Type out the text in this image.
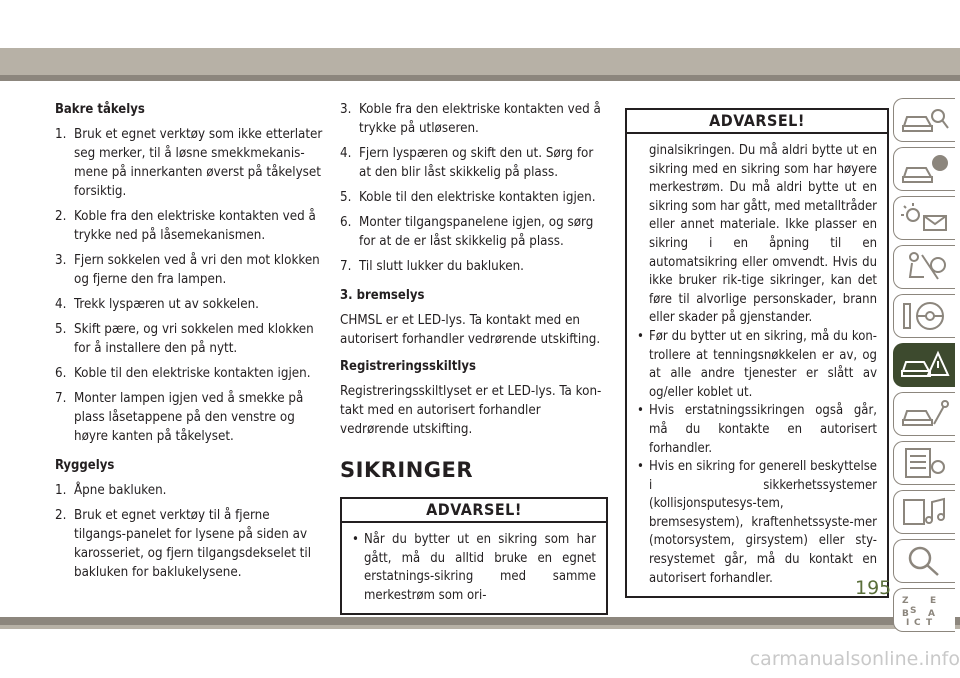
Bakre tåkelys
1. Bruk et egnet verktøy som ikke etterlater seg merker, til å løsne smekkmekanis-mene på innerkanten øverst på tåkelyset forsiktig.
2. Koble fra den elektriske kontakten ved å trykke ned på låsemekanismen.
3. Fjern sokkelen ved å vri den mot klokken og fjerne den fra lampen.
4. Trekk lyspæren ut av sokkelen.
5. Skift pære, og vri sokkelen med klokken for å installere den på nytt.
6. Koble til den elektriske kontakten igjen.
7. Monter lampen igjen ved å smekke på plass låsetappene på den venstre og høyre kanten på tåkelyset.
Ryggelys
1. Åpne bakluken.
2. Bruk et egnet verktøy til å fjerne tilgangs-panelet for lysene på siden av karosseriet, og fjern tilgangsdekselet til bakluken for baklukelysene.
3. Koble fra den elektriske kontakten ved å trykke på utløseren.
4. Fjern lyspæren og skift den ut. Sørg for at den blir låst skikkelig på plass.
5. Koble til den elektriske kontakten igjen.
6. Monter tilgangspanelene igjen, og sørg for at de er låst skikkelig på plass.
7. Til slutt lukker du bakluken.
3. bremselys

CHMSL er et LED-lys. Ta kontakt med en autorisert forhandler vedrørende utskifting.

Registreringsskiltlys

Registreringsskiltlyset er et LED-lys. Ta kon-takt med en autorisert forhandler vedrørende utskifting.

SIKRINGER
ADVARSEL!
• Når du bytter ut en sikring som har gått, må du alltid bruke en egnet erstatnings-sikring med samme merkestrøm som ori-
ADVARSEL!
ginalsikringen. Du må aldri bytte ut en sikring med en sikring som har høyere merkestrøm. Du må aldri bytte ut en sikring som har gått, med metalltråder eller annet materiale. Ikke plasser en sikring i en åpning til en automatsikring eller omvendt. Hvis du ikke bruker rik-tige sikringer, kan det føre til alvorlige personskader, brann eller skader på gjenstander.
• Før du bytter ut en sikring, må du kon-trollere at tenningsnøkkelen er av, og at alle andre tjenester er slått av og/eller koblet ut.
• Hvis erstatningssikringen også går, må du kontakte en autorisert forhandler.
• Hvis en sikring for generell beskyttelse i sikkerhetssystemer (kollisjonsputesys-tem, bremsesystem), kraftenhetssyste-mer (motorsystem, girsystem) eller sty-resystemet går, må du kontakt en autorisert forhandler.
Z E
S
B A
I C T
195
carmanualsonline.info
